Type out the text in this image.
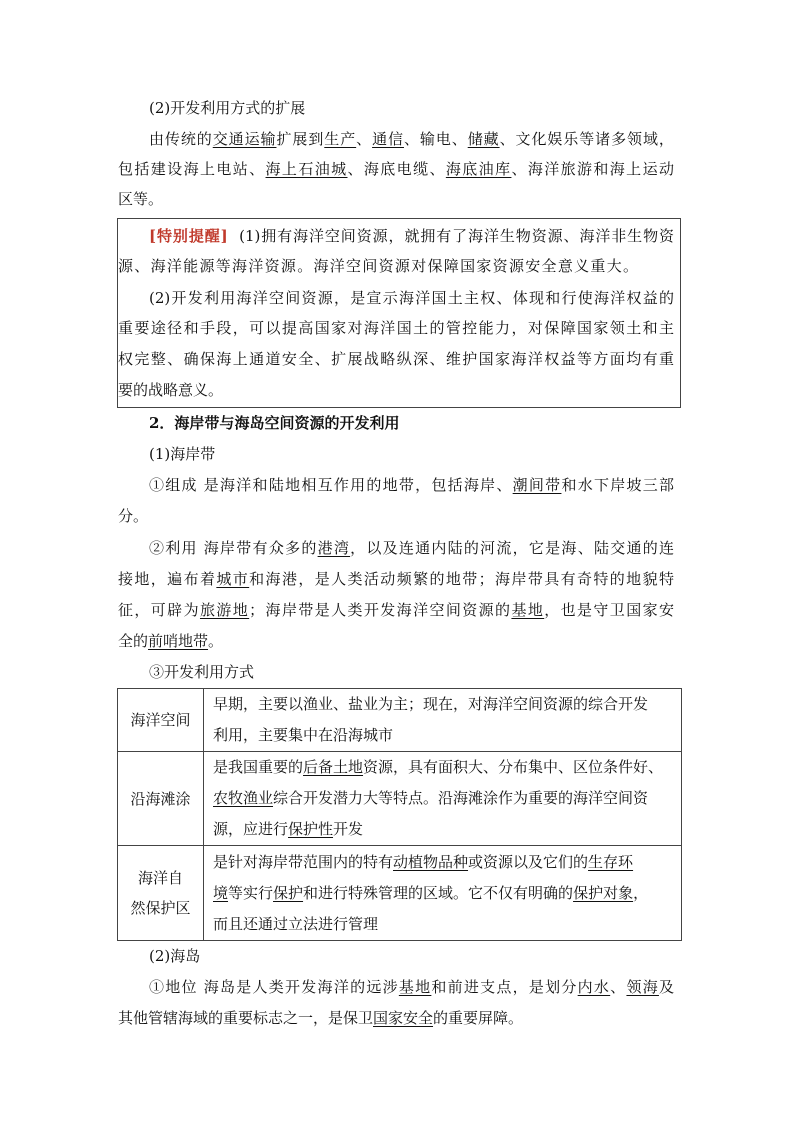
(2)开发利用方式的扩展
由传统的交通运输扩展到生产、通信、输电、储藏、文化娱乐等诸多领域，
包括建设海上电站、海上石油城、海底电缆、海底油库、海洋旅游和海上运动
区等。
[特别提醒] (1)拥有海洋空间资源，就拥有了海洋生物资源、海洋非生物资
源、海洋能源等海洋资源。海洋空间资源对保障国家资源安全意义重大。
(2)开发利用海洋空间资源，是宣示海洋国土主权、体现和行使海洋权益的
重要途径和手段，可以提高国家对海洋国土的管控能力，对保障国家领土和主
权完整、确保海上通道安全、扩展战略纵深、维护国家海洋权益等方面均有重
要的战略意义。
2．海岸带与海岛空间资源的开发利用
(1)海岸带
①组成 是海洋和陆地相互作用的地带，包括海岸、潮间带和水下岸坡三部
分。
②利用 海岸带有众多的港湾，以及连通内陆的河流，它是海、陆交通的连
接地，遍布着城市和海港，是人类活动频繁的地带；海岸带具有奇特的地貌特
征，可辟为旅游地；海岸带是人类开发海洋空间资源的基地，也是守卫国家安
全的前哨地带。
③开发利用方式
海洋空间	早期，主要以渔业、盐业为主；现在，对海洋空间资源的综合开发
利用，主要集中在沿海城市

沿海滩涂	是我国重要的后备土地资源，具有面积大、分布集中、区位条件好、
农牧渔业综合开发潜力大等特点。沿海滩涂作为重要的海洋空间资
源，应进行保护性开发

海洋自
然保护区	是针对海岸带范围内的特有动植物品种或资源以及它们的生存环
境等实行保护和进行特殊管理的区域。它不仅有明确的保护对象，
而且还通过立法进行管理
(2)海岛
①地位 海岛是人类开发海洋的远涉基地和前进支点，是划分内水、领海及
其他管辖海域的重要标志之一，是保卫国家安全的重要屏障。
